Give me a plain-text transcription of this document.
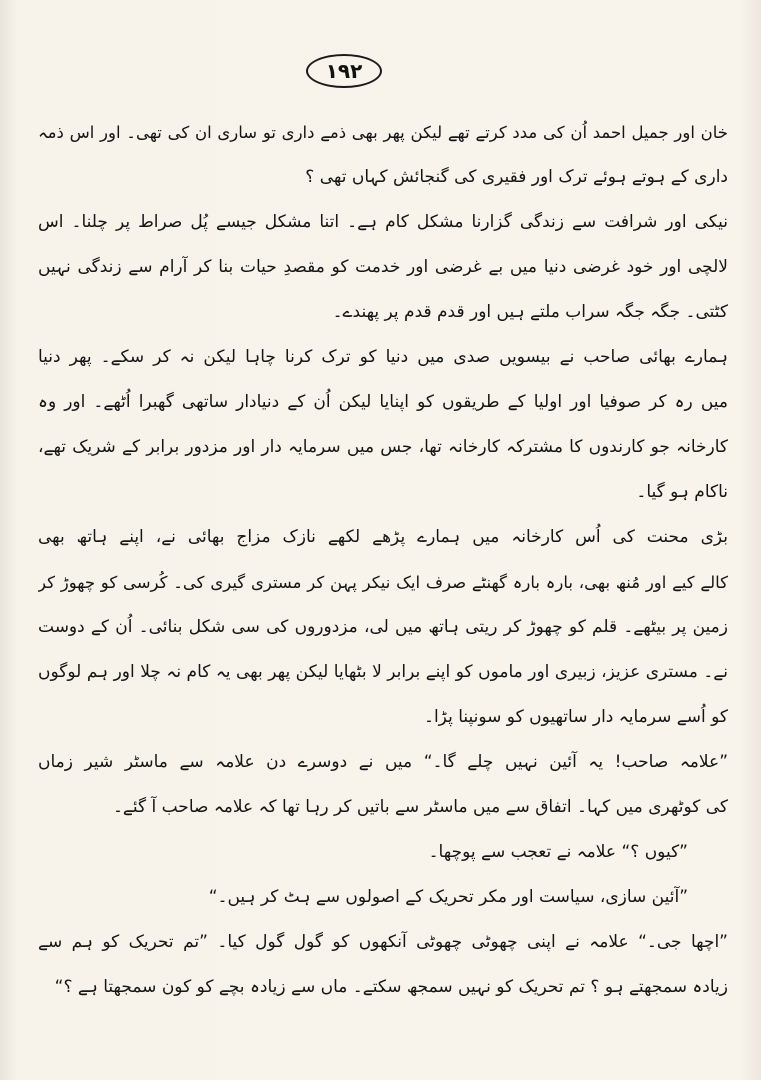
١٩٢
خان اور جمیل احمد اُن کی مدد کرتے تھے لیکن پھر بھی ذمے داری تو ساری ان کی تھی۔ اور اس ذمہ
داری کے ہوتے ہوئے ترک اور فقیری کی گنجائش کہاں تھی ؟
نیکی اور شرافت سے زندگی گزارنا مشکل کام ہے۔ اتنا مشکل جیسے پُل صراط پر چلنا۔ اس
لالچی اور خود غرضی دنیا میں بے غرضی اور خدمت کو مقصدِ حیات بنا کر آرام سے زندگی نہیں
کٹتی۔ جگہ جگہ سراب ملتے ہیں اور قدم قدم پر پھندے۔
ہمارے بھائی صاحب نے بیسویں صدی میں دنیا کو ترک کرنا چاہا لیکن نہ کر سکے۔ پھر دنیا
میں رہ کر صوفیا اور اولیا کے طریقوں کو اپنایا لیکن اُن کے دنیادار ساتھی گھبرا اُٹھے۔ اور وہ
کارخانہ جو کارندوں کا مشترکہ کارخانہ تھا، جس میں سرمایہ دار اور مزدور برابر کے شریک تھے،
ناکام ہو گیا۔
بڑی محنت کی اُس کارخانہ میں ہمارے پڑھے لکھے نازک مزاج بھائی نے، اپنے ہاتھ بھی
کالے کیے اور مُنھ بھی، بارہ بارہ گھنٹے صرف ایک نیکر پہن کر مستری گیری کی۔ کُرسی کو چھوڑ کر
زمین پر بیٹھے۔ قلم کو چھوڑ کر ریتی ہاتھ میں لی، مزدوروں کی سی شکل بنائی۔ اُن کے دوست
نے۔ مستری عزیز، زبیری اور ماموں کو اپنے برابر لا بٹھایا لیکن پھر بھی یہ کام نہ چلا اور ہم لوگوں
کو اُسے سرمایہ دار ساتھیوں کو سونپنا پڑا۔
”علامہ صاحب! یہ آئین نہیں چلے گا۔“ میں نے دوسرے دن علامہ سے ماسٹر شیر زماں
کی کوٹھری میں کہا۔ اتفاق سے میں ماسٹر سے باتیں کر رہا تھا کہ علامہ صاحب آ گئے۔
”کیوں ؟“ علامہ نے تعجب سے پوچھا۔
”آئین سازی، سیاست اور مکر تحریک کے اصولوں سے ہٹ کر ہیں۔“
”اچھا جی۔“ علامہ نے اپنی چھوٹی چھوٹی آنکھوں کو گول گول کیا۔ ”تم تحریک کو ہم سے
زیادہ سمجھتے ہو ؟ تم تحریک کو نہیں سمجھ سکتے۔ ماں سے زیادہ بچے کو کون سمجھتا ہے ؟“
